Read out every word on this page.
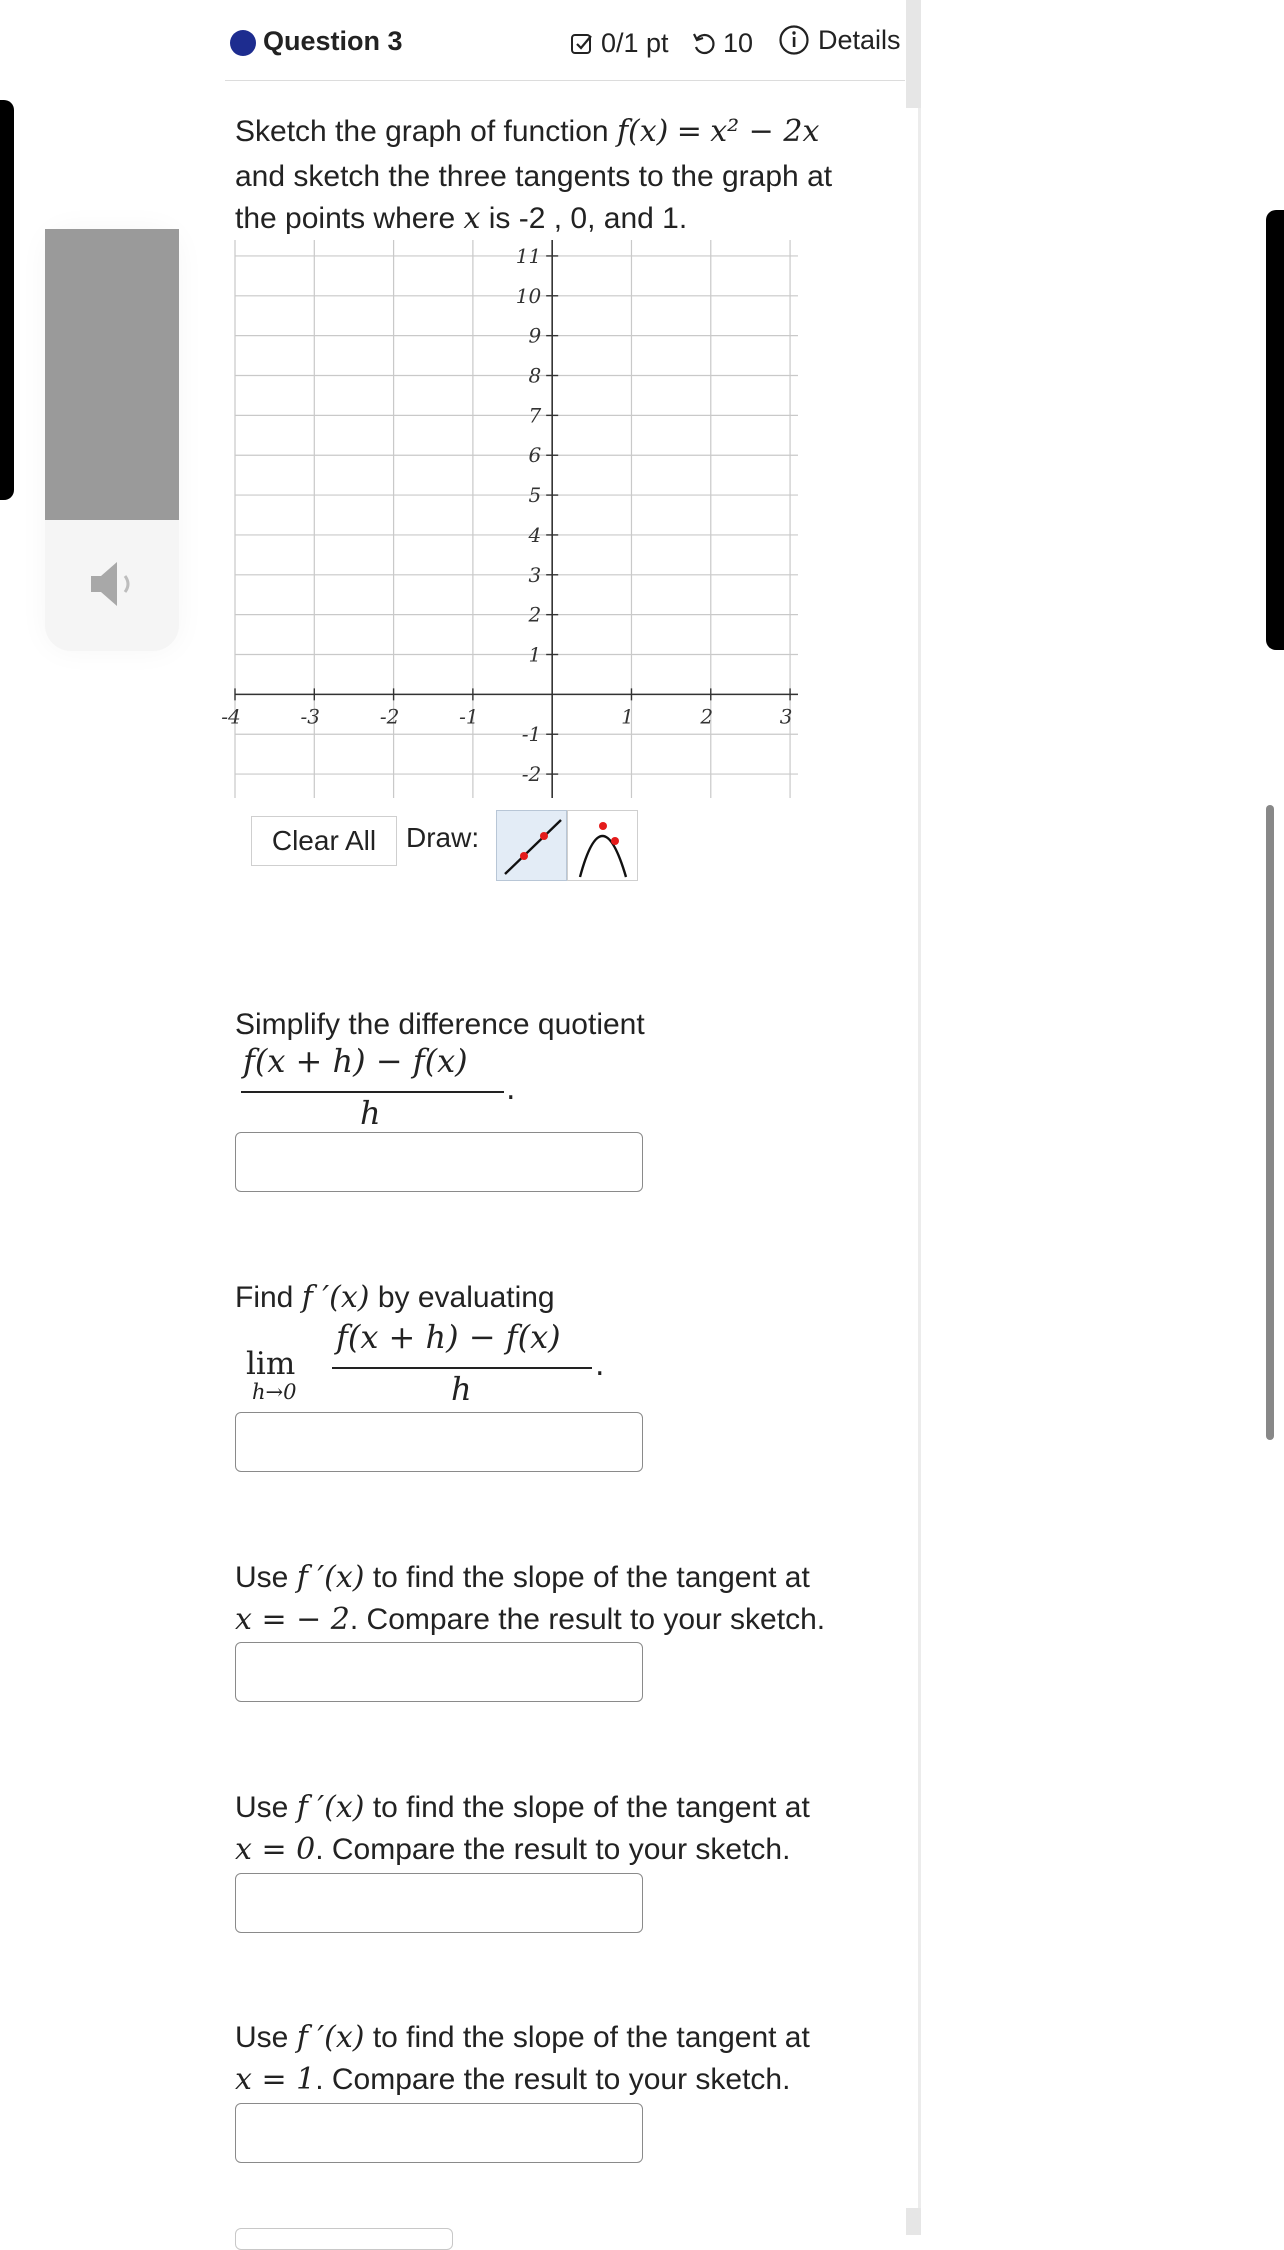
Question 3	0/1 pt 10 Details
Sketch the graph of function f(x) = x² − 2x
and sketch the three tangents to the graph at
the points where x is -2 , 0, and 1.
-4	-3	-2	-1	1	2	3
11
10
9
8
7
6
5
4
3
2
1
-1
-2
Clear All	Draw:
Simplify the difference quotient
f(x + h) − f(x)
h
.
Find f ′(x) by evaluating
lim
h→0
f(x + h) − f(x)
h
.
Use f ′(x) to find the slope of the tangent at
x = − 2. Compare the result to your sketch.
Use f ′(x) to find the slope of the tangent at
x = 0. Compare the result to your sketch.
Use f ′(x) to find the slope of the tangent at
x = 1. Compare the result to your sketch.
